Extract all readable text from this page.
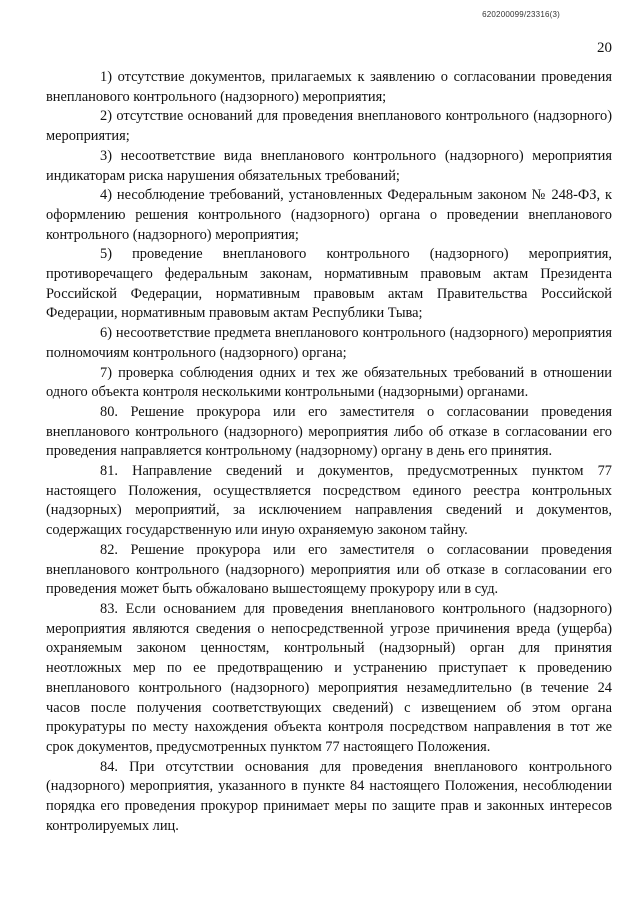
620200099/23316(3)
20

1) отсутствие документов, прилагаемых к заявлению о согласовании проведения внепланового контрольного (надзорного) мероприятия;

2) отсутствие оснований для проведения внепланового контрольного (надзорного) мероприятия;

3) несоответствие вида внепланового контрольного (надзорного) мероприятия индикаторам риска нарушения обязательных требований;

4) несоблюдение требований, установленных Федеральным законом № 248-ФЗ, к оформлению решения контрольного (надзорного) органа о проведении внепланового контрольного (надзорного) мероприятия;

5) проведение внепланового контрольного (надзорного) мероприятия, противоречащего федеральным законам, нормативным правовым актам Президента Российской Федерации, нормативным правовым актам Правительства Российской Федерации, нормативным правовым актам Республики Тыва;

6) несоответствие предмета внепланового контрольного (надзорного) мероприятия полномочиям контрольного (надзорного) органа;

7) проверка соблюдения одних и тех же обязательных требований в отношении одного объекта контроля несколькими контрольными (надзорными) органами.

80. Решение прокурора или его заместителя о согласовании проведения внепланового контрольного (надзорного) мероприятия либо об отказе в согласовании его проведения направляется контрольному (надзорному) органу в день его принятия.

81. Направление сведений и документов, предусмотренных пунктом 77 настоящего Положения, осуществляется посредством единого реестра контрольных (надзорных) мероприятий, за исключением направления сведений и документов, содержащих государственную или иную охраняемую законом тайну.

82. Решение прокурора или его заместителя о согласовании проведения внепланового контрольного (надзорного) мероприятия или об отказе в согласовании его проведения может быть обжаловано вышестоящему прокурору или в суд.

83. Если основанием для проведения внепланового контрольного (надзорного) мероприятия являются сведения о непосредственной угрозе причинения вреда (ущерба) охраняемым законом ценностям, контрольный (надзорный) орган для принятия неотложных мер по ее предотвращению и устранению приступает к проведению внепланового контрольного (надзорного) мероприятия незамедлительно (в течение 24 часов после получения соответствующих сведений) с извещением об этом органа прокуратуры по месту нахождения объекта контроля посредством направления в тот же срок документов, предусмотренных пунктом 77 настоящего Положения.

84. При отсутствии основания для проведения внепланового контрольного (надзорного) мероприятия, указанного в пункте 84 настоящего Положения, несоблюдении порядка его проведения прокурор принимает меры по защите прав и законных интересов контролируемых лиц.
